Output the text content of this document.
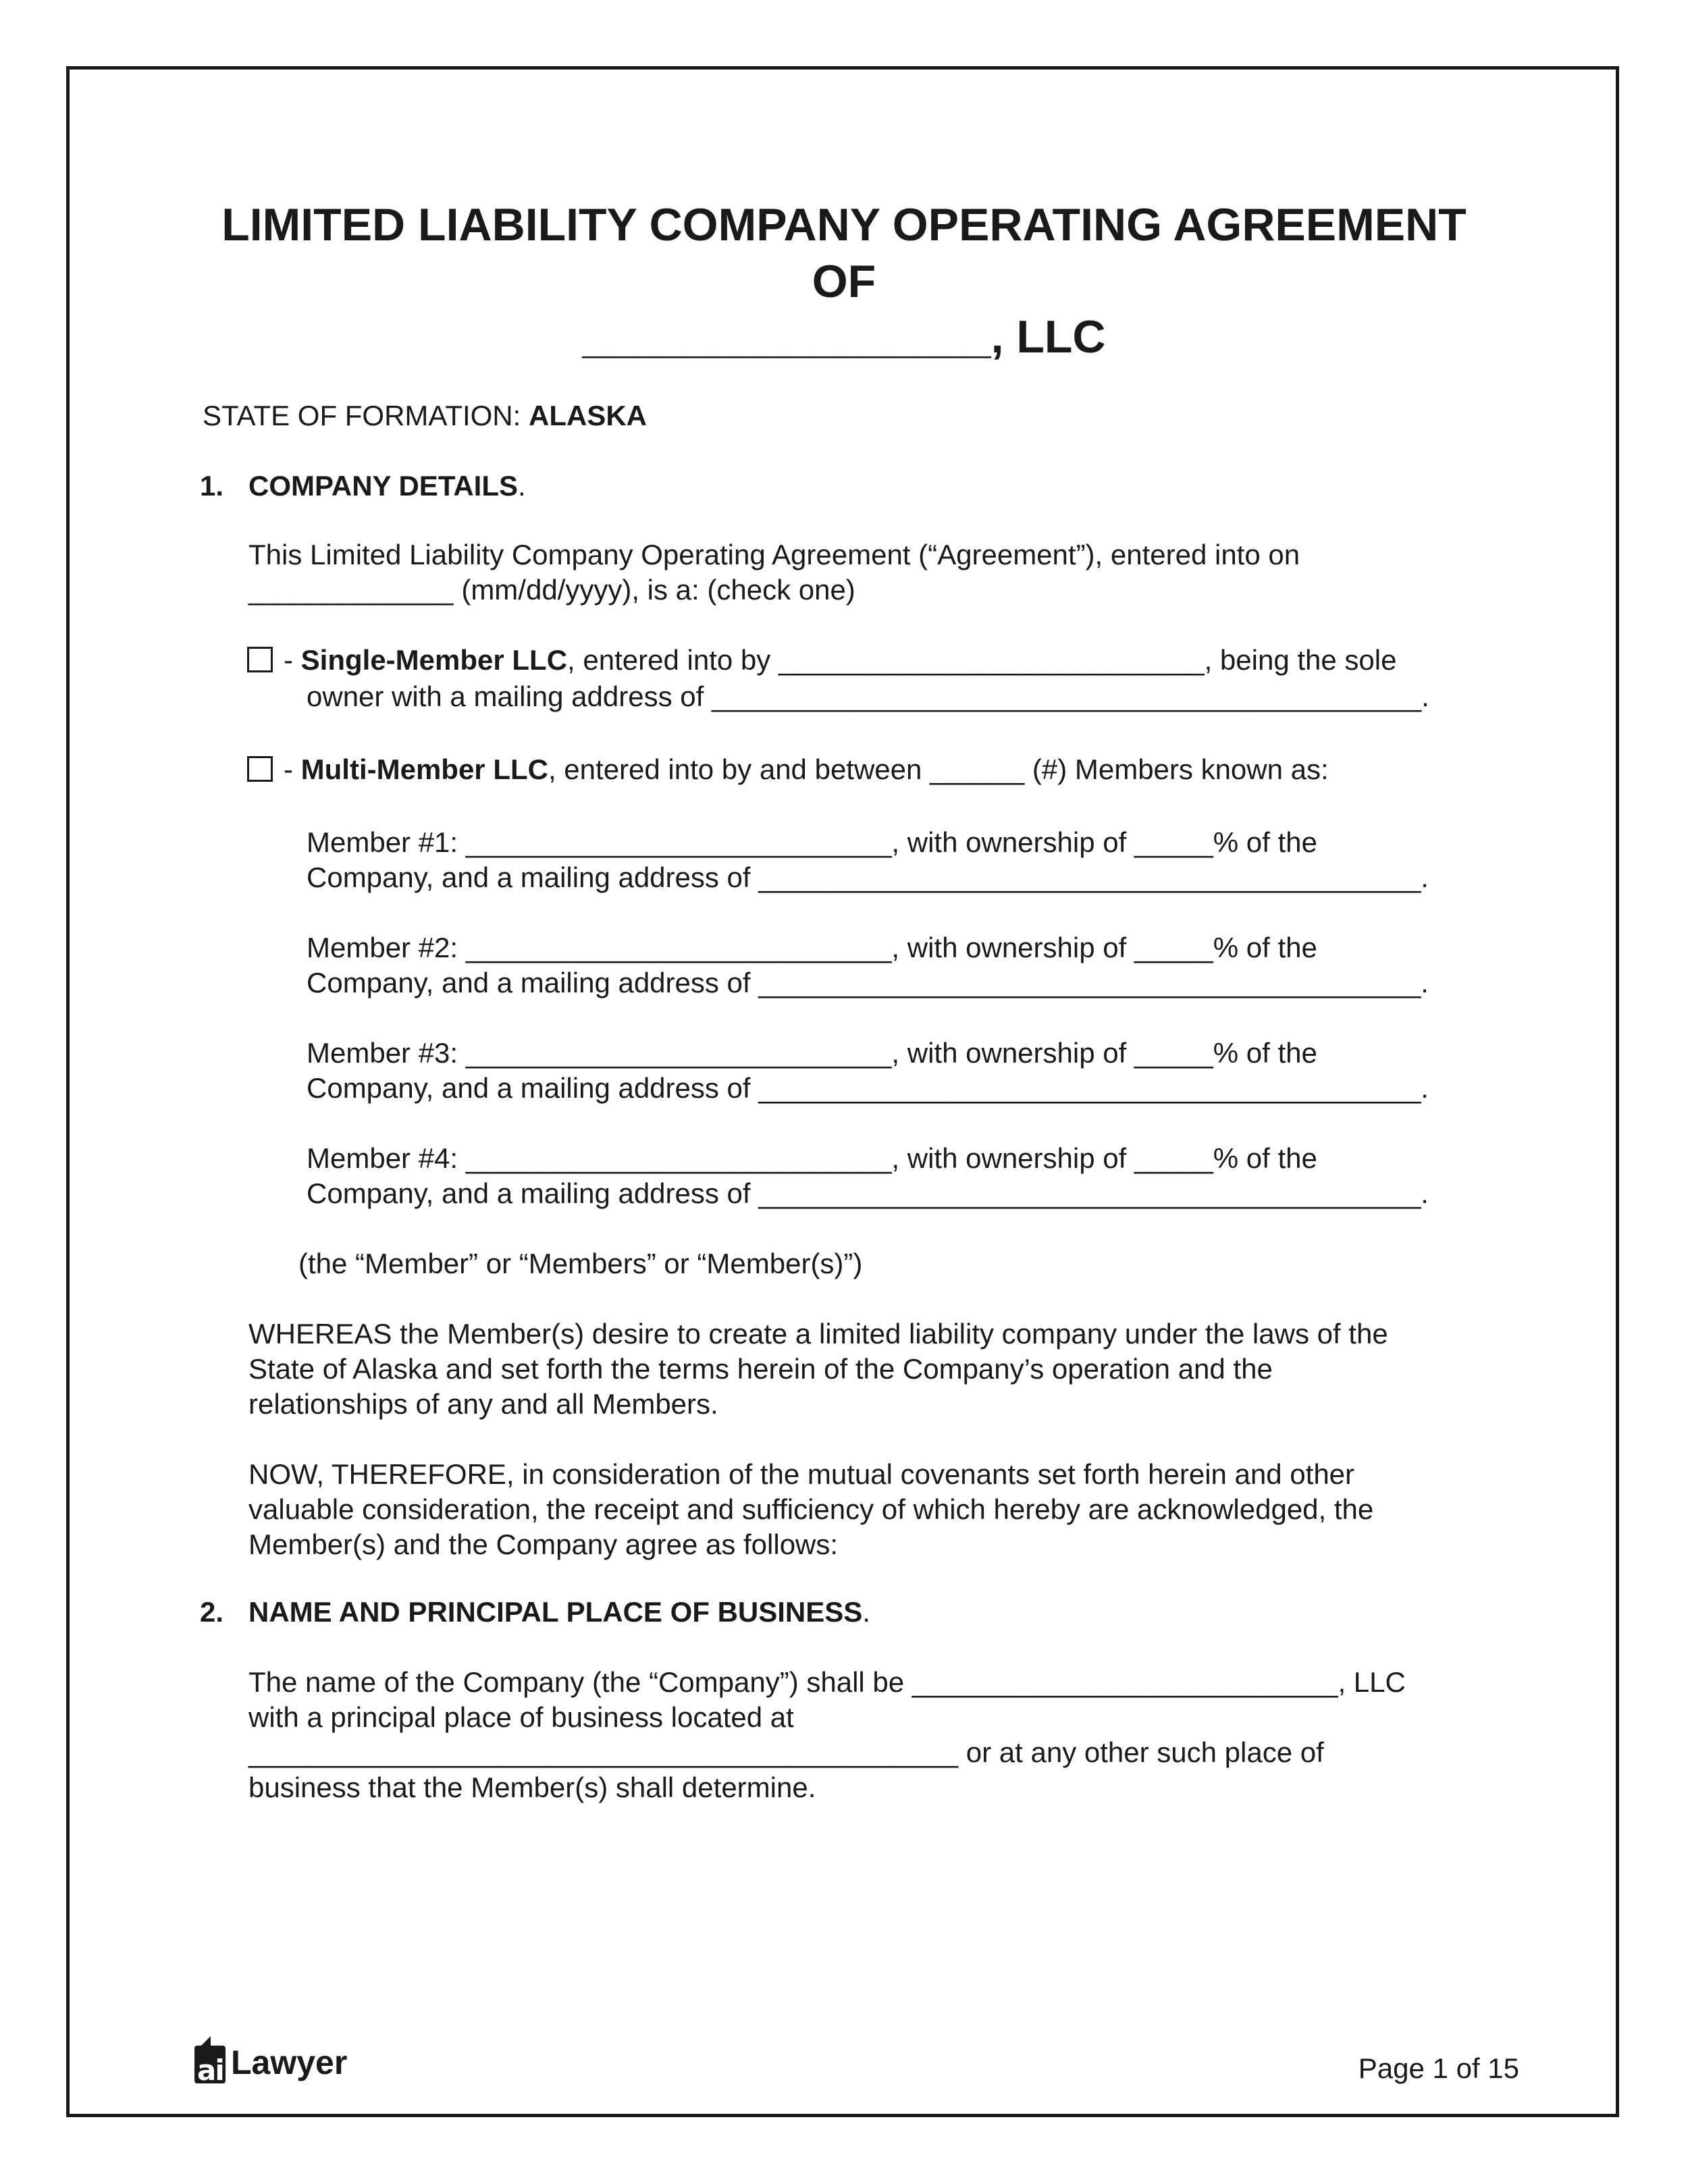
LIMITED LIABILITY COMPANY OPERATING AGREEMENT
OF
________________, LLC
STATE OF FORMATION: ALASKA
1. COMPANY DETAILS.
This Limited Liability Company Operating Agreement (“Agreement”), entered into on
_____________ (mm/dd/yyyy), is a: (check one)
- Single-Member LLC, entered into by ___________________________, being the sole
owner with a mailing address of _____________________________________________.
- Multi-Member LLC, entered into by and between ______ (#) Members known as:
Member #1: ___________________________, with ownership of _____% of the
Company, and a mailing address of __________________________________________.
Member #2: ___________________________, with ownership of _____% of the
Company, and a mailing address of __________________________________________.
Member #3: ___________________________, with ownership of _____% of the
Company, and a mailing address of __________________________________________.
Member #4: ___________________________, with ownership of _____% of the
Company, and a mailing address of __________________________________________.
(the “Member” or “Members” or “Member(s)”)
WHEREAS the Member(s) desire to create a limited liability company under the laws of the
State of Alaska and set forth the terms herein of the Company’s operation and the
relationships of any and all Members.
NOW, THEREFORE, in consideration of the mutual covenants set forth herein and other
valuable consideration, the receipt and sufficiency of which hereby are acknowledged, the
Member(s) and the Company agree as follows:
2. NAME AND PRINCIPAL PLACE OF BUSINESS.
The name of the Company (the “Company”) shall be ___________________________, LLC
with a principal place of business located at
_____________________________________________ or at any other such place of
business that the Member(s) shall determine.
ai Lawyer	Page 1 of 15
